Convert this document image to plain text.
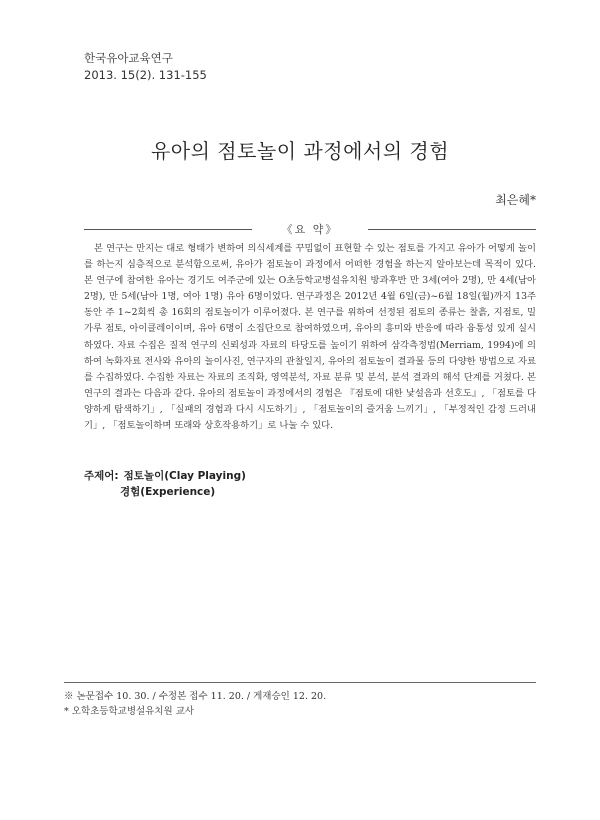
한국유아교육연구
2013. 15(2). 131-155
유아의 점토놀이 과정에서의 경험
최은혜*
《요 약》

본 연구는 만지는 대로 형태가 변하여 의식세계를 꾸밈없이 표현할 수 있는 점토를 가지고 유아가 어떻게 놀이를 하는지 심층적으로 분석함으로써, 유아가 점토놀이 과정에서 어떠한 경험을 하는지 알아보는데 목적이 있다. 본 연구에 참여한 유아는 경기도 여주군에 있는 O초등학교병설유치원 방과후반 만 3세(여아 2명), 만 4세(남아 2명), 만 5세(남아 1명, 여아 1명) 유아 6명이었다. 연구과정은 2012년 4월 6일(금)~6월 18일(월)까지 13주 동안 주 1~2회씩 총 16회의 점토놀이가 이루어졌다. 본 연구를 위하여 선정된 점토의 종류는 찰흙, 지점토, 밀가루 점토, 아이클레이이며, 유아 6명이 소집단으로 참여하였으며, 유아의 흥미와 반응에 따라 융통성 있게 실시하였다. 자료 수집은 질적 연구의 신뢰성과 자료의 타당도를 높이기 위하여 삼각측정법(Merriam, 1994)에 의하여 녹화자료 전사와 유아의 놀이사진, 연구자의 관찰일지, 유아의 점토놀이 결과물 등의 다양한 방법으로 자료를 수집하였다. 수집한 자료는 자료의 조직화, 영역분석, 자료 분류 및 분석, 분석 결과의 해석 단계를 거쳤다. 본 연구의 결과는 다음과 같다. 유아의 점토놀이 과정에서의 경험은 『점토에 대한 낯설음과 선호도』, 「점토를 다양하게 탐색하기」, 「실패의 경험과 다시 시도하기」, 「점토놀이의 즐거움 느끼기」, 「부정적인 감정 드러내기」, 「점토놀이하며 또래와 상호작용하기」로 나눌 수 있다.

주제어: 점토놀이(Clay Playing)
경험(Experience)
※ 논문접수 10. 30. / 수정본 접수 11. 20. / 게재승인 12. 20.
* 오학초등학교병설유치원 교사
